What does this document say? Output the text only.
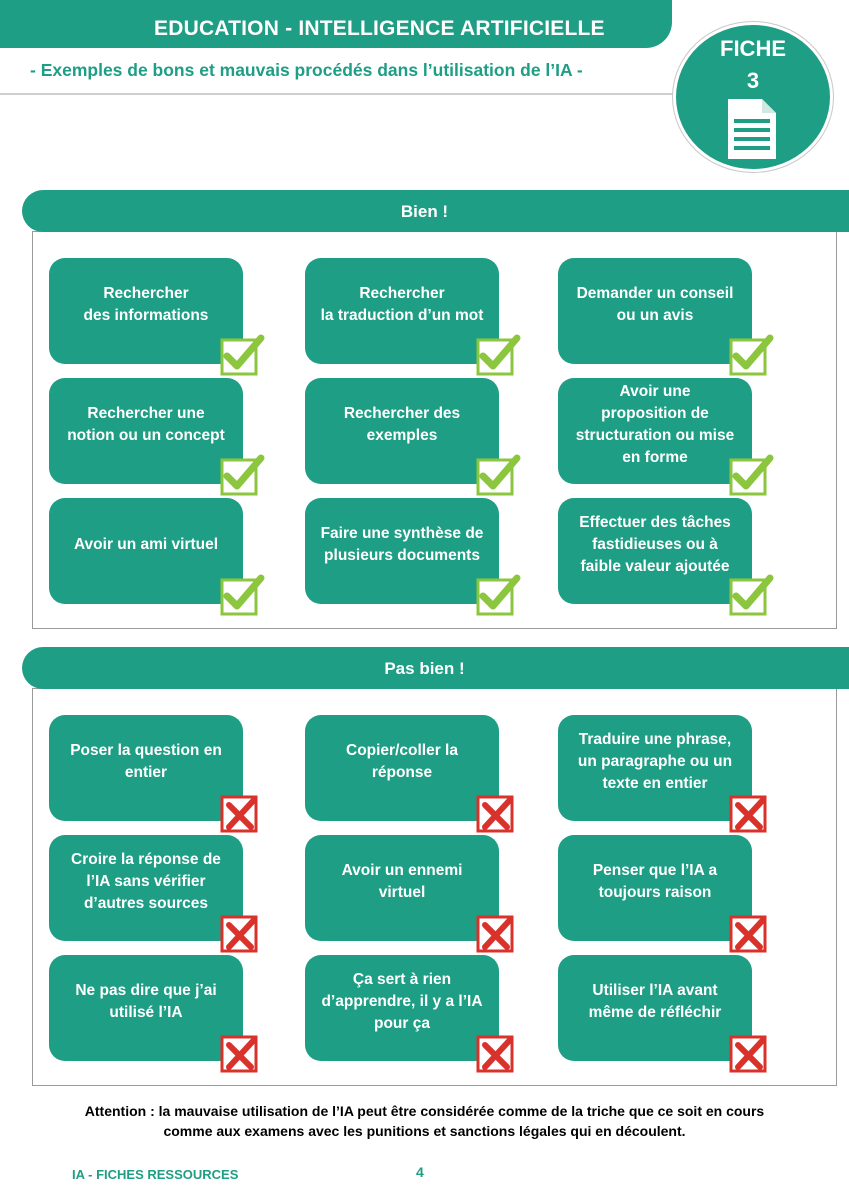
EDUCATION - INTELLIGENCE ARTIFICIELLE
- Exemples de bons et mauvais procédés dans l’utilisation de l’IA -
FICHE
3
Bien !
Rechercher
des informations
Rechercher
la traduction d’un mot
Demander un conseil
ou un avis
Rechercher une
notion ou un concept
Rechercher des
exemples
Avoir une
proposition de
structuration ou mise
en forme
Avoir un ami virtuel
Faire une synthèse de
plusieurs documents
Effectuer des tâches
fastidieuses ou à
faible valeur ajoutée
Pas bien !
Poser la question en
entier
Copier/coller la
réponse
Traduire une phrase,
un paragraphe ou un
texte en entier
Croire la réponse de
l’IA sans vérifier
d’autres sources
Avoir un ennemi
virtuel
Penser que l’IA a
toujours raison
Ne pas dire que j’ai
utilisé l’IA
Ça sert à rien
d’apprendre, il y a l’IA
pour ça
Utiliser l’IA avant
même de réfléchir
Attention : la mauvaise utilisation de l’IA peut être considérée comme de la triche que ce soit en cours
comme aux examens avec les punitions et sanctions légales qui en découlent.
IA - FICHES RESSOURCES	4
